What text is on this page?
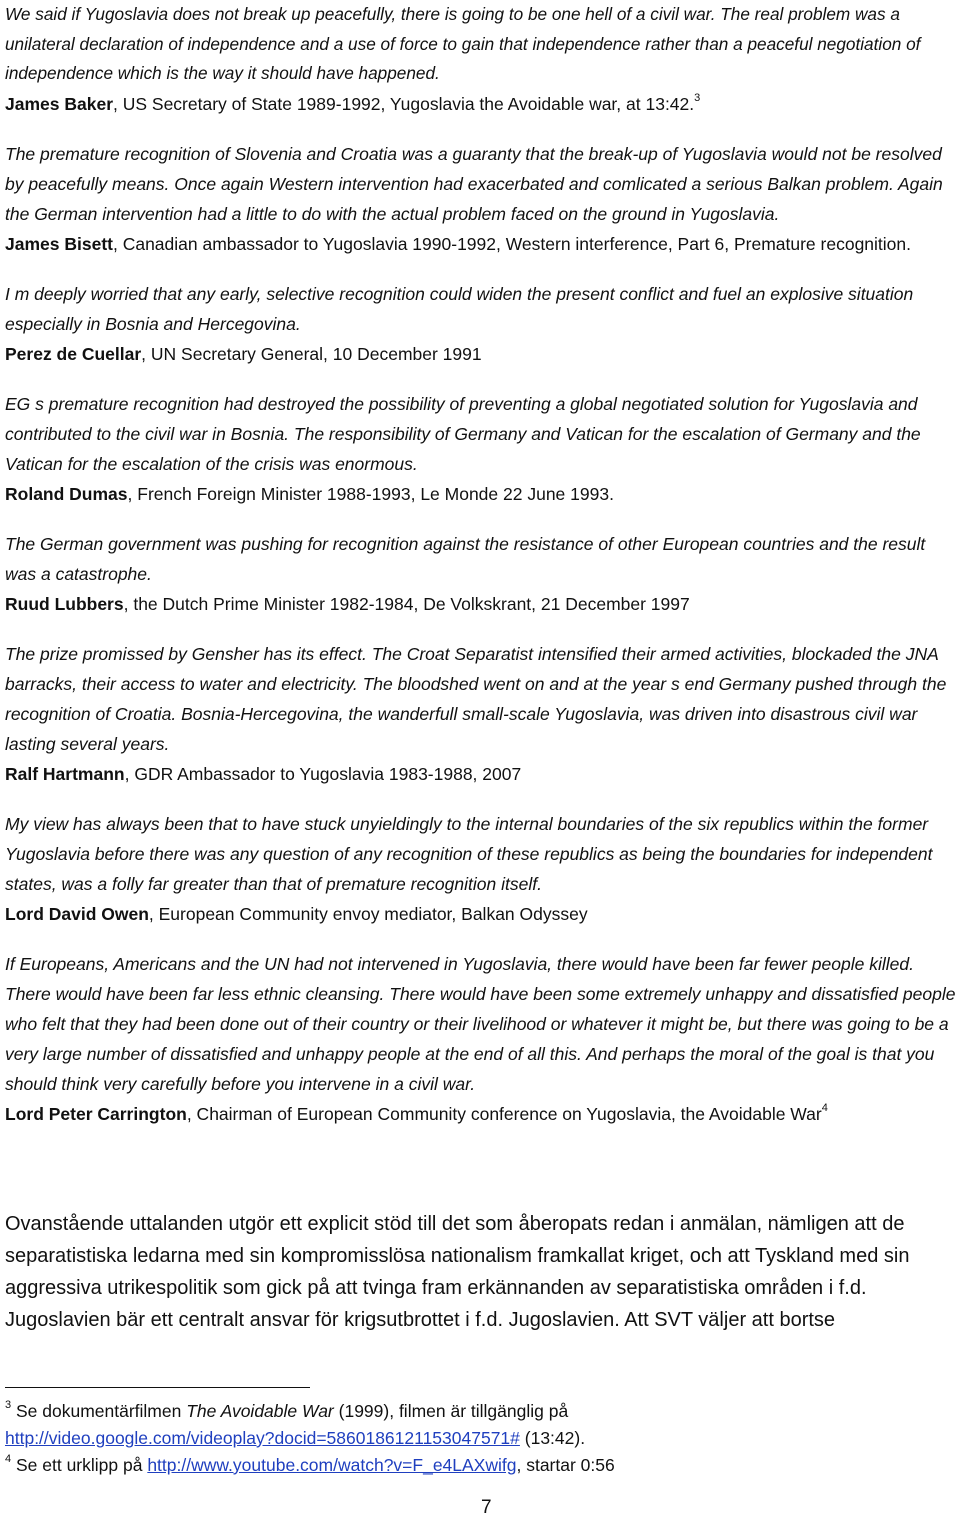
We said if Yugoslavia does not break up peacefully, there is going to be one hell of a civil war. The real problem was a unilateral declaration of independence and a use of force to gain that independence rather than a peaceful negotiation of independence which is the way it should have happened.

James Baker, US Secretary of State 1989-1992, Yugoslavia the Avoidable war, at 13:42.$^3$

The premature recognition of Slovenia and Croatia was a guaranty that the break-up of Yugoslavia would not be resolved by peacefully means. Once again Western intervention had exacerbated and comlicated a serious Balkan problem. Again the German intervention had a little to do with the actual problem faced on the ground in Yugoslavia.

James Bisett, Canadian ambassador to Yugoslavia 1990-1992, Western interference, Part 6, Premature recognition.

I m deeply worried that any early, selective recognition could widen the present conflict and fuel an explosive situation especially in Bosnia and Hercegovina.

Perez de Cuellar, UN Secretary General, 10 December 1991

EG s premature recognition had destroyed the possibility of preventing a global negotiated solution for Yugoslavia and contributed to the civil war in Bosnia. The responsibility of Germany and Vatican for the escalation of Germany and the Vatican for the escalation of the crisis was enormous.

Roland Dumas, French Foreign Minister 1988-1993, Le Monde 22 June 1993.

The German government was pushing for recognition against the resistance of other European countries and the result was a catastrophe.

Ruud Lubbers, the Dutch Prime Minister 1982-1984, De Volkskrant, 21 December 1997

The prize promissed by Gensher has its effect. The Croat Separatist intensified their armed activities, blockaded the JNA barracks, their access to water and electricity. The bloodshed went on and at the year s end Germany pushed through the recognition of Croatia. Bosnia-Hercegovina, the wanderfull small-scale Yugoslavia, was driven into disastrous civil war lasting several years.

Ralf Hartmann, GDR Ambassador to Yugoslavia 1983-1988, 2007

My view has always been that to have stuck unyieldingly to the internal boundaries of the six republics within the former Yugoslavia before there was any question of any recognition of these republics as being the boundaries for independent states, was a folly far greater than that of premature recognition itself.

Lord David Owen, European Community envoy mediator, Balkan Odyssey

If Europeans, Americans and the UN had not intervened in Yugoslavia, there would have been far fewer people killed. There would have been far less ethnic cleansing. There would have been some extremely unhappy and dissatisfied people who felt that they had been done out of their country or their livelihood or whatever it might be, but there was going to be a very large number of dissatisfied and unhappy people at the end of all this. And perhaps the moral of the goal is that you should think very carefully before you intervene in a civil war.

Lord Peter Carrington, Chairman of European Community conference on Yugoslavia, the Avoidable War$^4$

Ovanstående uttalanden utgör ett explicit stöd till det som åberopats redan i anmälan, nämligen att de separatistiska ledarna med sin kompromisslösa nationalism framkallat kriget, och att Tyskland med sin aggressiva utrikespolitik som gick på att tvinga fram erkännanden av separatistiska områden i f.d. Jugoslavien bär ett centralt ansvar för krigsutbrottet i f.d. Jugoslavien. Att SVT väljer att bortse

$^3$ Se dokumentärfilmen The Avoidable War (1999), filmen är tillgänglig på
http://video.google.com/videoplay?docid=5860186121153047571# (13:42).

$^4$ Se ett urklipp på http://www.youtube.com/watch?v=F_e4LAXwifg, startar 0:56

7
